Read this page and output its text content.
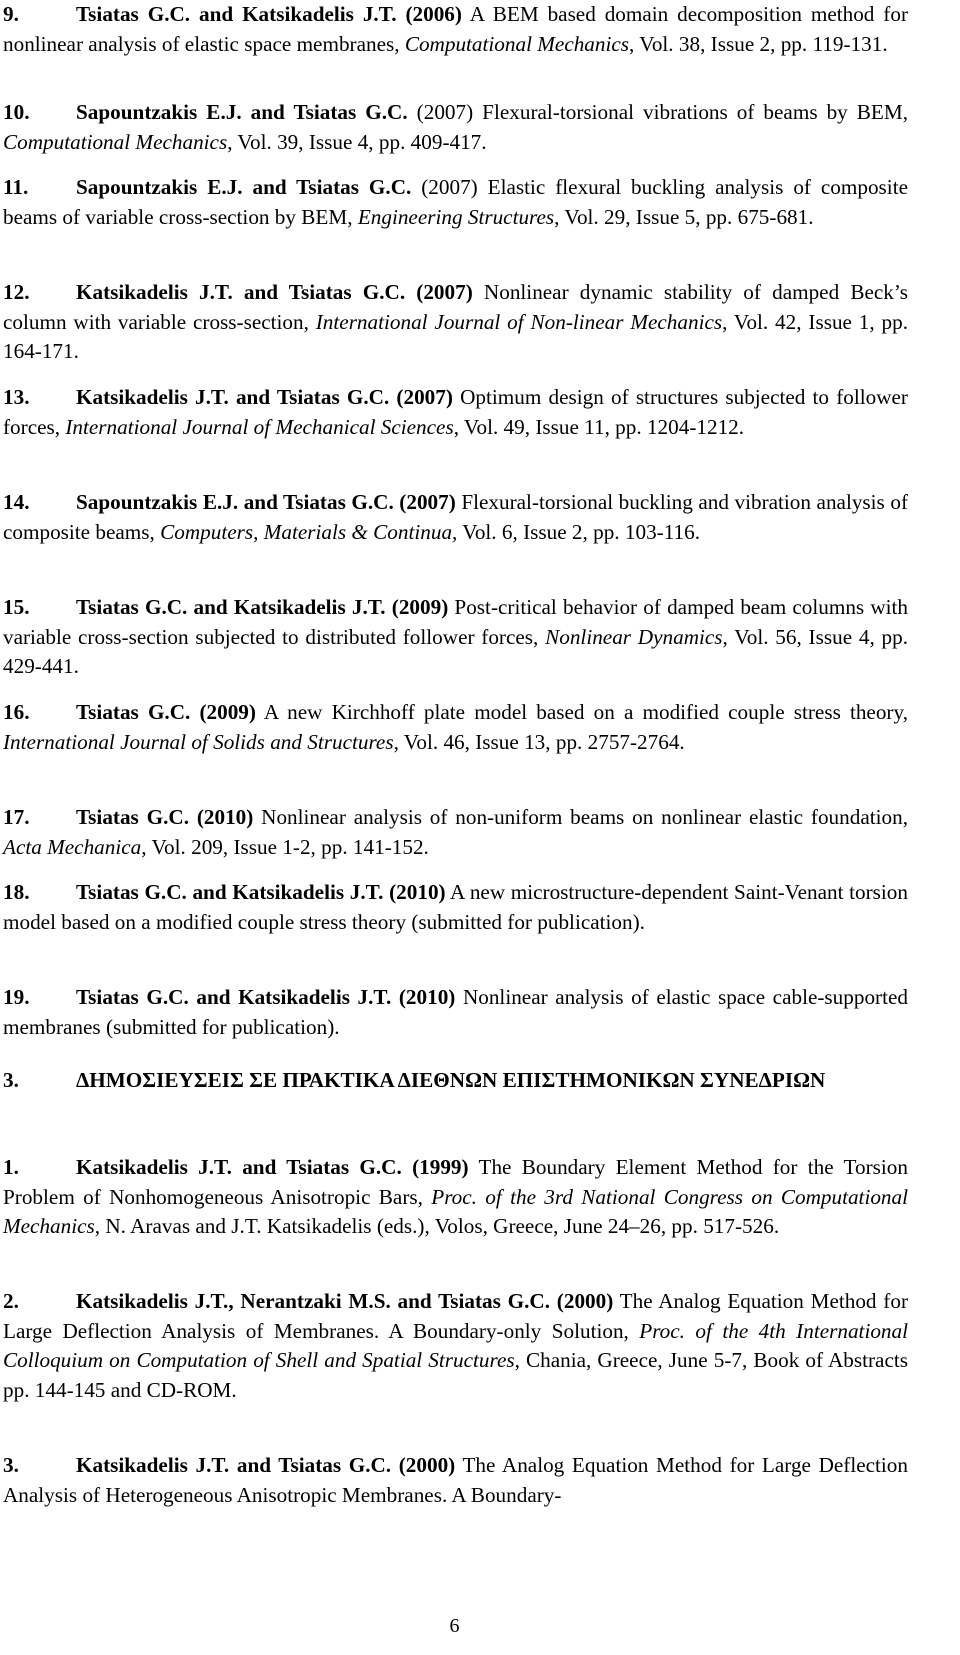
9.	Tsiatas G.C. and Katsikadelis J.T. (2006) A BEM based domain decomposition method for nonlinear analysis of elastic space membranes, Computational Mechanics, Vol. 38, Issue 2, pp. 119-131.
10. Sapountzakis E.J. and Tsiatas G.C. (2007) Flexural-torsional vibrations of beams by BEM, Computational Mechanics, Vol. 39, Issue 4, pp. 409-417.
11. Sapountzakis E.J. and Tsiatas G.C. (2007) Elastic flexural buckling analysis of composite beams of variable cross-section by BEM, Engineering Structures, Vol. 29, Issue 5, pp. 675-681.
12. Katsikadelis J.T. and Tsiatas G.C. (2007) Nonlinear dynamic stability of damped Beck’s column with variable cross-section, International Journal of Non-linear Mechanics, Vol. 42, Issue 1, pp. 164-171.
13. Katsikadelis J.T. and Tsiatas G.C. (2007) Optimum design of structures subjected to follower forces, International Journal of Mechanical Sciences, Vol. 49, Issue 11, pp. 1204-1212.
14. Sapountzakis E.J. and Tsiatas G.C. (2007) Flexural-torsional buckling and vibration analysis of composite beams, Computers, Materials & Continua, Vol. 6, Issue 2, pp. 103-116.
15. Tsiatas G.C. and Katsikadelis J.T. (2009) Post-critical behavior of damped beam columns with variable cross-section subjected to distributed follower forces, Nonlinear Dynamics, Vol. 56, Issue 4, pp. 429-441.
16. Tsiatas G.C. (2009) A new Kirchhoff plate model based on a modified couple stress theory, International Journal of Solids and Structures, Vol. 46, Issue 13, pp. 2757-2764.
17. Tsiatas G.C. (2010) Nonlinear analysis of non-uniform beams on nonlinear elastic foundation, Acta Mechanica, Vol. 209, Issue 1-2, pp. 141-152.
18. Tsiatas G.C. and Katsikadelis J.T. (2010) A new microstructure-dependent Saint-Venant torsion model based on a modified couple stress theory (submitted for publication).
19. Tsiatas G.C. and Katsikadelis J.T. (2010) Nonlinear analysis of elastic space cable-supported membranes (submitted for publication).
3.	ΔΗΜΟΣΙΕΥΣΕΙΣ ΣΕ ΠΡΑΚΤΙΚΑ ΔΙΕΘΝΩΝ ΕΠΙΣΤΗΜΟΝΙΚΩΝ ΣΥΝΕΔΡΙΩΝ
1.	Katsikadelis J.T. and Tsiatas G.C. (1999) The Boundary Element Method for the Torsion Problem of Nonhomogeneous Anisotropic Bars, Proc. of the 3rd National Congress on Computational Mechanics, N. Aravas and J.T. Katsikadelis (eds.), Volos, Greece, June 24–26, pp. 517-526.
2.	Katsikadelis J.T., Nerantzaki M.S. and Tsiatas G.C. (2000) The Analog Equation Method for Large Deflection Analysis of Membranes. A Boundary-only Solution, Proc. of the 4th International Colloquium on Computation of Shell and Spatial Structures, Chania, Greece, June 5-7, Book of Abstracts pp. 144-145 and CD-ROM.
3.	Katsikadelis J.T. and Tsiatas G.C. (2000) The Analog Equation Method for Large Deflection Analysis of Heterogeneous Anisotropic Membranes. A Boundary-
6
